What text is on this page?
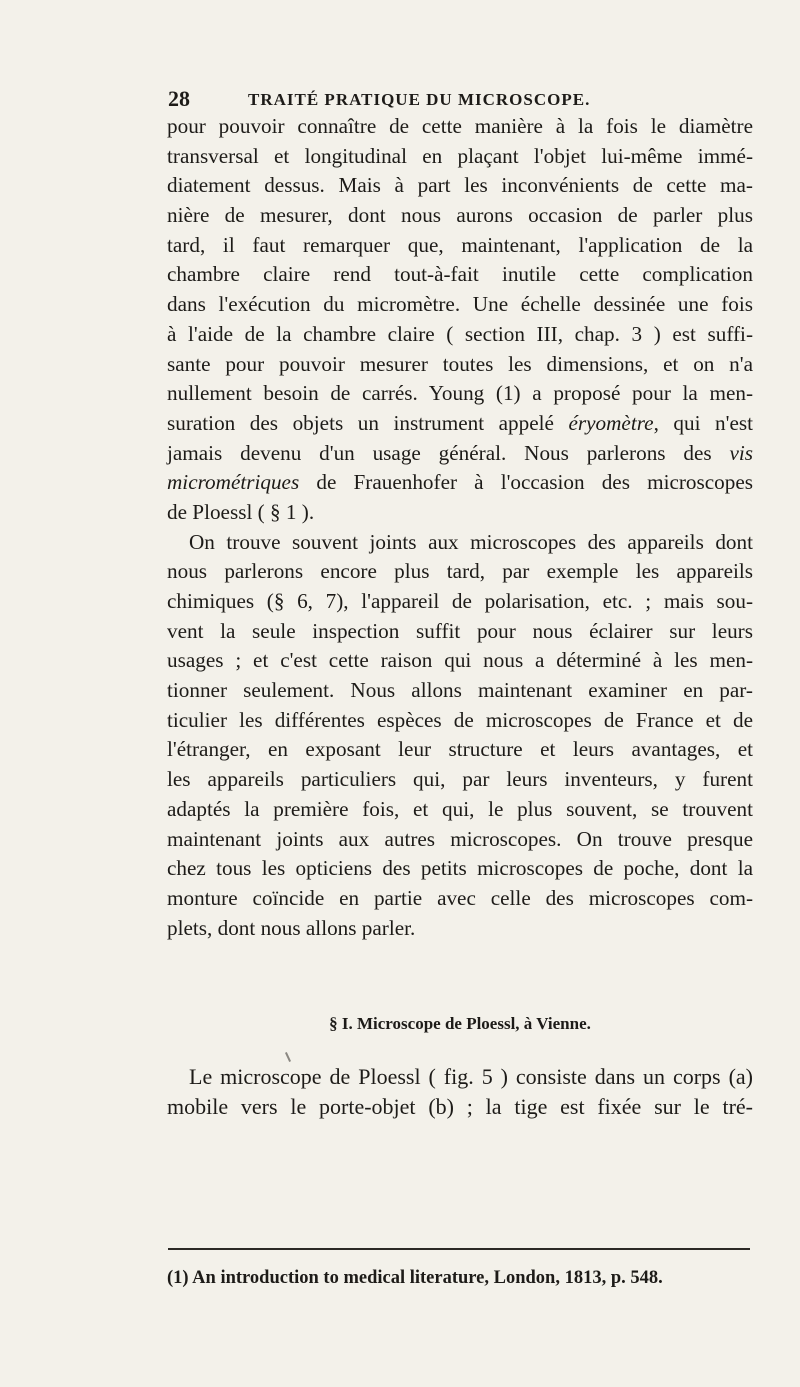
28	TRAITÉ PRATIQUE DU MICROSCOPE.
pour pouvoir connaître de cette manière à la fois le diamètre
transversal et longitudinal en plaçant l'objet lui-même immé-
diatement dessus. Mais à part les inconvénients de cette ma-
nière de mesurer, dont nous aurons occasion de parler plus
tard, il faut remarquer que, maintenant, l'application de la
chambre claire rend tout-à-fait inutile cette complication
dans l'exécution du micromètre. Une échelle dessinée une fois
à l'aide de la chambre claire ( section III, chap. 3 ) est suffi-
sante pour pouvoir mesurer toutes les dimensions, et on n'a
nullement besoin de carrés. Young (1) a proposé pour la men-
suration des objets un instrument appelé éryomètre, qui n'est
jamais devenu d'un usage général. Nous parlerons des vis
micrométriques de Frauenhofer à l'occasion des microscopes
de Ploessl ( § 1 ).
On trouve souvent joints aux microscopes des appareils dont
nous parlerons encore plus tard, par exemple les appareils
chimiques (§ 6, 7), l'appareil de polarisation, etc. ; mais sou-
vent la seule inspection suffit pour nous éclairer sur leurs
usages ; et c'est cette raison qui nous a déterminé à les men-
tionner seulement. Nous allons maintenant examiner en par-
ticulier les différentes espèces de microscopes de France et de
l'étranger, en exposant leur structure et leurs avantages, et
les appareils particuliers qui, par leurs inventeurs, y furent
adaptés la première fois, et qui, le plus souvent, se trouvent
maintenant joints aux autres microscopes. On trouve presque
chez tous les opticiens des petits microscopes de poche, dont la
monture coïncide en partie avec celle des microscopes com-
plets, dont nous allons parler.
§ I. Microscope de Ploessl, à Vienne.
Le microscope de Ploessl ( fig. 5 ) consiste dans un corps (a)
mobile vers le porte-objet (b) ; la tige est fixée sur le tré-
(1) An introduction to medical literature, London, 1813, p. 548.
